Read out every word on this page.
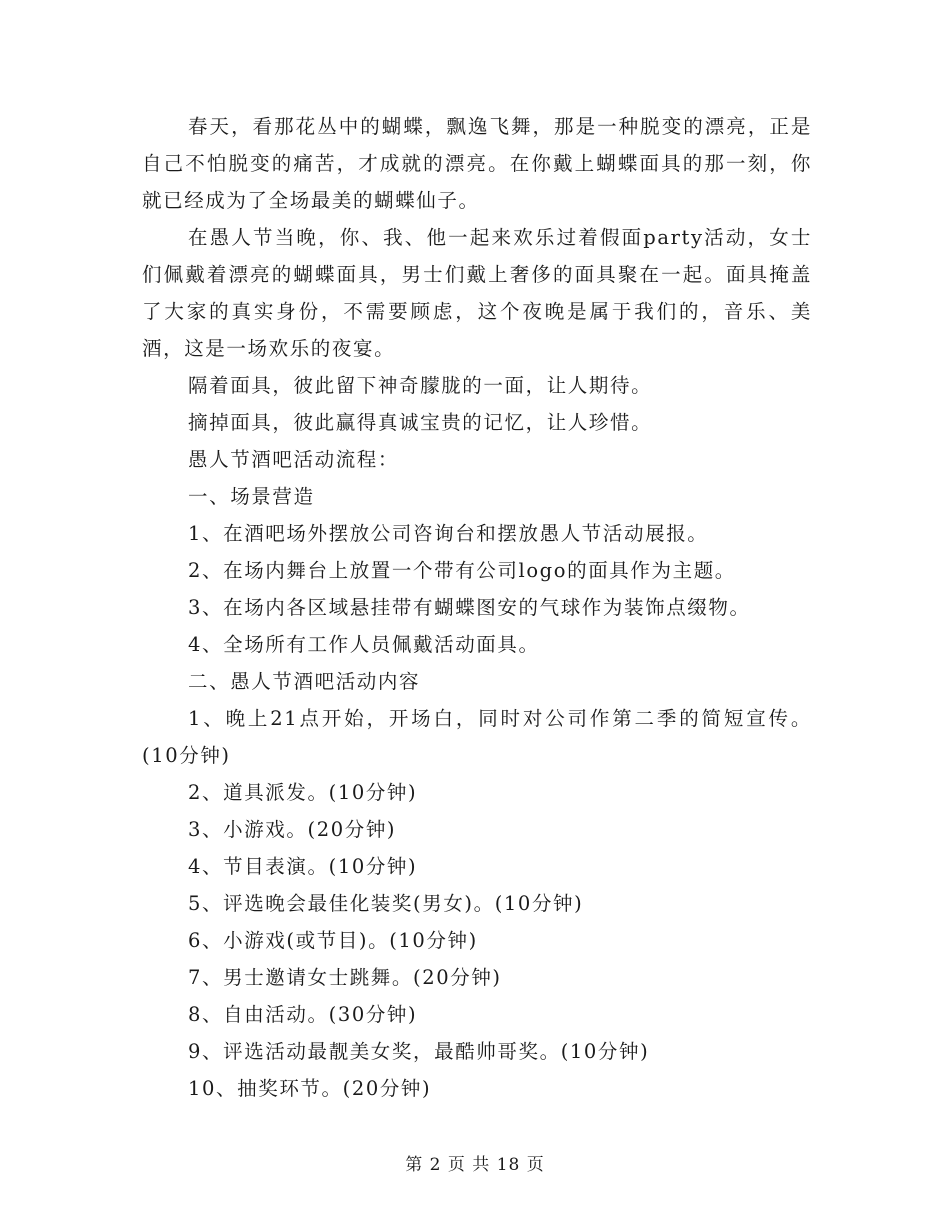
春天，看那花丛中的蝴蝶，飘逸飞舞，那是一种脱变的漂亮，正是自己不怕脱变的痛苦，才成就的漂亮。在你戴上蝴蝶面具的那一刻，你就已经成为了全场最美的蝴蝶仙子。

在愚人节当晚，你、我、他一起来欢乐过着假面party活动，女士们佩戴着漂亮的蝴蝶面具，男士们戴上奢侈的面具聚在一起。面具掩盖了大家的真实身份，不需要顾虑，这个夜晚是属于我们的，音乐、美酒，这是一场欢乐的夜宴。

隔着面具，彼此留下神奇朦胧的一面，让人期待。

摘掉面具，彼此赢得真诚宝贵的记忆，让人珍惜。

愚人节酒吧活动流程：

一、场景营造

1、在酒吧场外摆放公司咨询台和摆放愚人节活动展报。

2、在场内舞台上放置一个带有公司logo的面具作为主题。

3、在场内各区域悬挂带有蝴蝶图安的气球作为装饰点缀物。

4、全场所有工作人员佩戴活动面具。

二、愚人节酒吧活动内容

1、晚上21点开始，开场白，同时对公司作第二季的简短宣传。(10分钟)

2、道具派发。(10分钟)

3、小游戏。(20分钟)

4、节目表演。(10分钟)

5、评选晚会最佳化装奖(男女)。(10分钟)

6、小游戏(或节目)。(10分钟)

7、男士邀请女士跳舞。(20分钟)

8、自由活动。(30分钟)

9、评选活动最靓美女奖，最酷帅哥奖。(10分钟)

10、抽奖环节。(20分钟)

第 2 页 共 18 页
